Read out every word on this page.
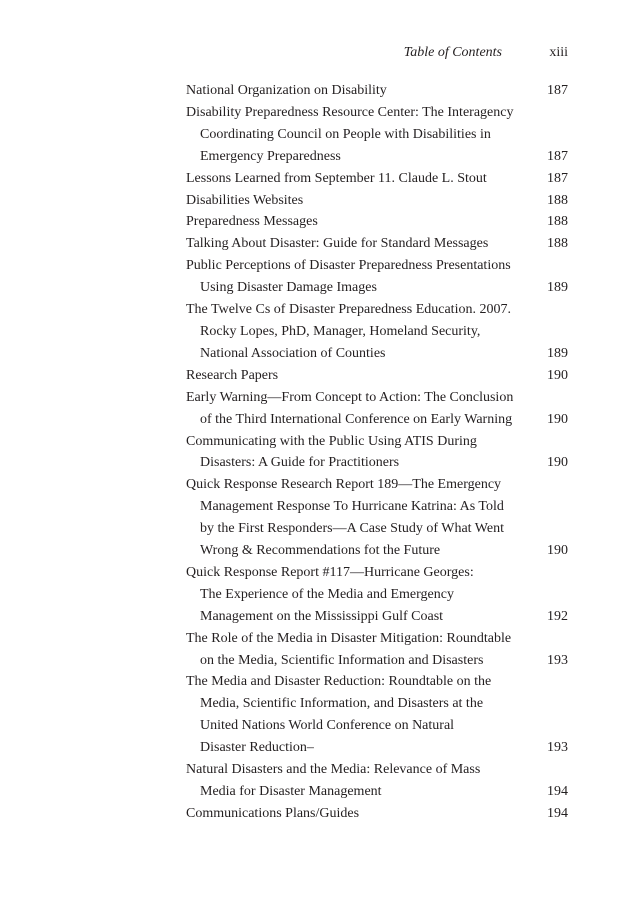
Table of Contents	xiii
National Organization on Disability	187
Disability Preparedness Resource Center: The Interagency
Coordinating Council on People with Disabilities in
Emergency Preparedness	187
Lessons Learned from September 11. Claude L. Stout	187
Disabilities Websites	188
Preparedness Messages	188
Talking About Disaster: Guide for Standard Messages	188
Public Perceptions of Disaster Preparedness Presentations
Using Disaster Damage Images	189
The Twelve Cs of Disaster Preparedness Education. 2007.
Rocky Lopes, PhD, Manager, Homeland Security,
National Association of Counties	189
Research Papers	190
Early Warning—From Concept to Action: The Conclusion
of the Third International Conference on Early Warning	190
Communicating with the Public Using ATIS During
Disasters: A Guide for Practitioners	190
Quick Response Research Report 189—The Emergency
Management Response To Hurricane Katrina: As Told
by the First Responders—A Case Study of What Went
Wrong & Recommendations fot the Future	190
Quick Response Report #117—Hurricane Georges:
The Experience of the Media and Emergency
Management on the Mississippi Gulf Coast	192
The Role of the Media in Disaster Mitigation: Roundtable
on the Media, Scientific Information and Disasters	193
The Media and Disaster Reduction: Roundtable on the
Media, Scientific Information, and Disasters at the
United Nations World Conference on Natural
Disaster Reduction–	193
Natural Disasters and the Media: Relevance of Mass
Media for Disaster Management	194
Communications Plans/Guides	194
